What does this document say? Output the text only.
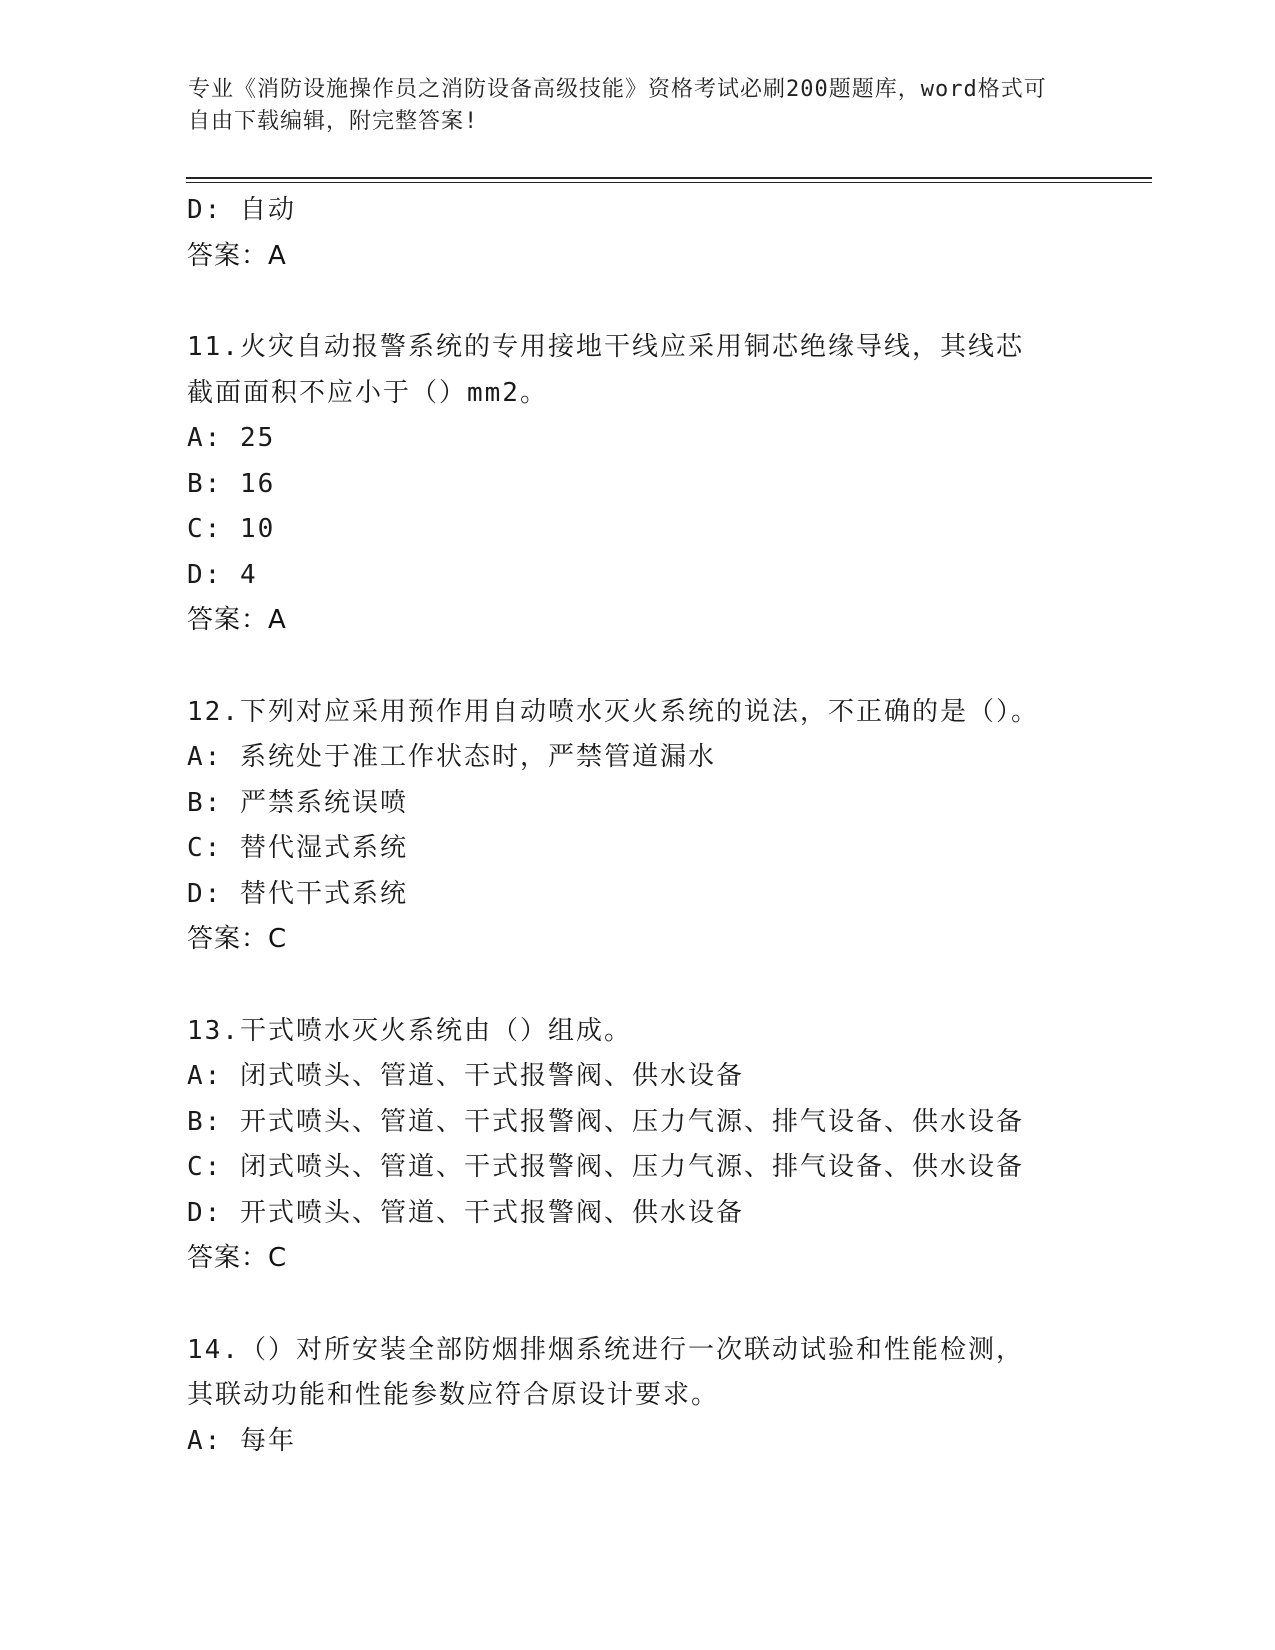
专业《消防设施操作员之消防设备高级技能》资格考试必刷200题题库，word格式可自由下载编辑，附完整答案!
D: 自动
答案：A
11.火灾自动报警系统的专用接地干线应采用铜芯绝缘导线，其线芯截面面积不应小于（）mm2。
A: 25
B: 16
C: 10
D: 4
答案：A
12.下列对应采用预作用自动喷水灭火系统的说法，不正确的是（）。
A: 系统处于准工作状态时，严禁管道漏水
B: 严禁系统误喷
C: 替代湿式系统
D: 替代干式系统
答案：C
13.干式喷水灭火系统由（）组成。
A: 闭式喷头、管道、干式报警阀、供水设备
B: 开式喷头、管道、干式报警阀、压力气源、排气设备、供水设备
C: 闭式喷头、管道、干式报警阀、压力气源、排气设备、供水设备
D: 开式喷头、管道、干式报警阀、供水设备
答案：C
14.（）对所安装全部防烟排烟系统进行一次联动试验和性能检测，其联动功能和性能参数应符合原设计要求。
A: 每年
